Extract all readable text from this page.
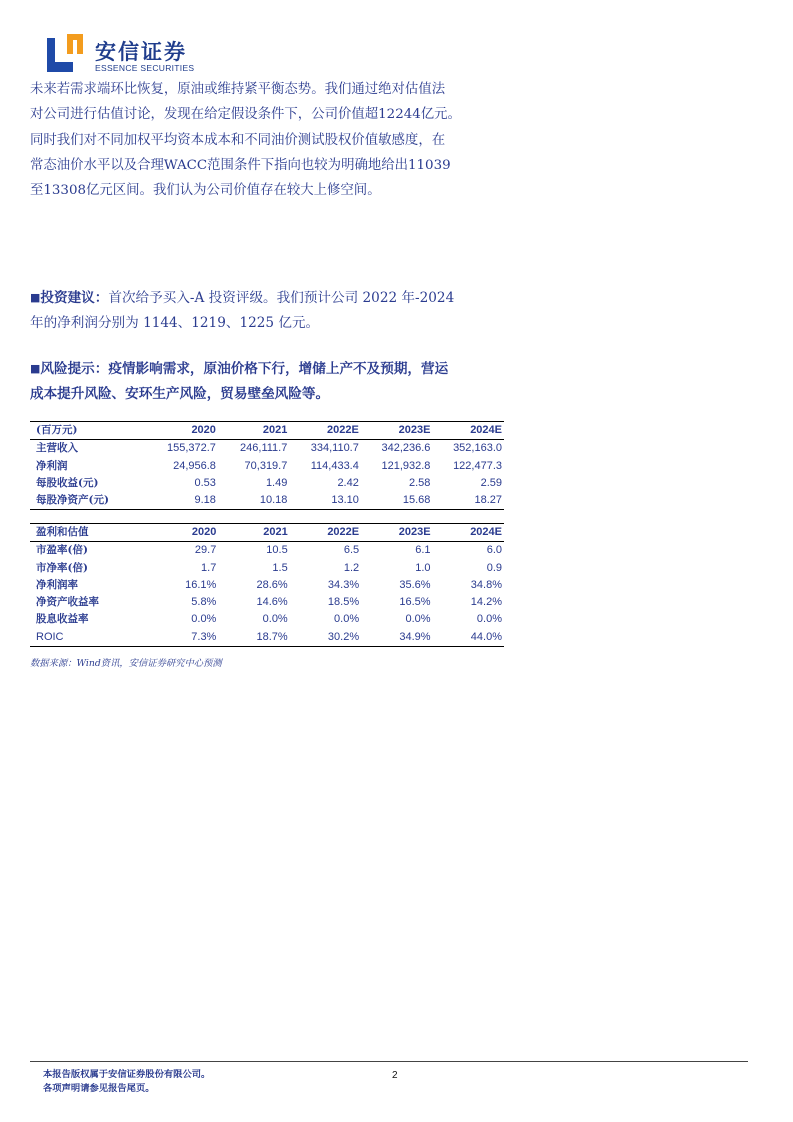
安信证券
ESSENCE SECURITIES
未来若需求端环比恢复，原油或维持紧平衡态势。我们通过绝对估值法
对公司进行估值讨论，发现在给定假设条件下，公司价值超12244亿元。
同时我们对不同加权平均资本成本和不同油价测试股权价值敏感度，在
常态油价水平以及合理WACC范围条件下指向也较为明确地给出11039
至13308亿元区间。我们认为公司价值存在较大上修空间。
■投资建议：首次给予买入-A 投资评级。我们预计公司 2022 年-2024
年的净利润分别为 1144、1219、1225 亿元。
■风险提示：疫情影响需求，原油价格下行，增储上产不及预期，营运
成本提升风险、安环生产风险，贸易壁垒风险等。
(百万元)	2020	2021	2022E	2023E	2024E
主营收入	155,372.7	246,111.7	334,110.7	342,236.6	352,163.0
净利润	24,956.8	70,319.7	114,433.4	121,932.8	122,477.3
每股收益(元)	0.53	1.49	2.42	2.58	2.59
每股净资产(元)	9.18	10.18	13.10	15.68	18.27
盈利和估值	2020	2021	2022E	2023E	2024E
市盈率(倍)	29.7	10.5	6.5	6.1	6.0
市净率(倍)	1.7	1.5	1.2	1.0	0.9
净利润率	16.1%	28.6%	34.3%	35.6%	34.8%
净资产收益率	5.8%	14.6%	18.5%	16.5%	14.2%
股息收益率	0.0%	0.0%	0.0%	0.0%	0.0%
ROIC	7.3%	18.7%	30.2%	34.9%	44.0%
数据来源：Wind资讯，安信证券研究中心预测
本报告版权属于安信证券股份有限公司。
各项声明请参见报告尾页。
2
